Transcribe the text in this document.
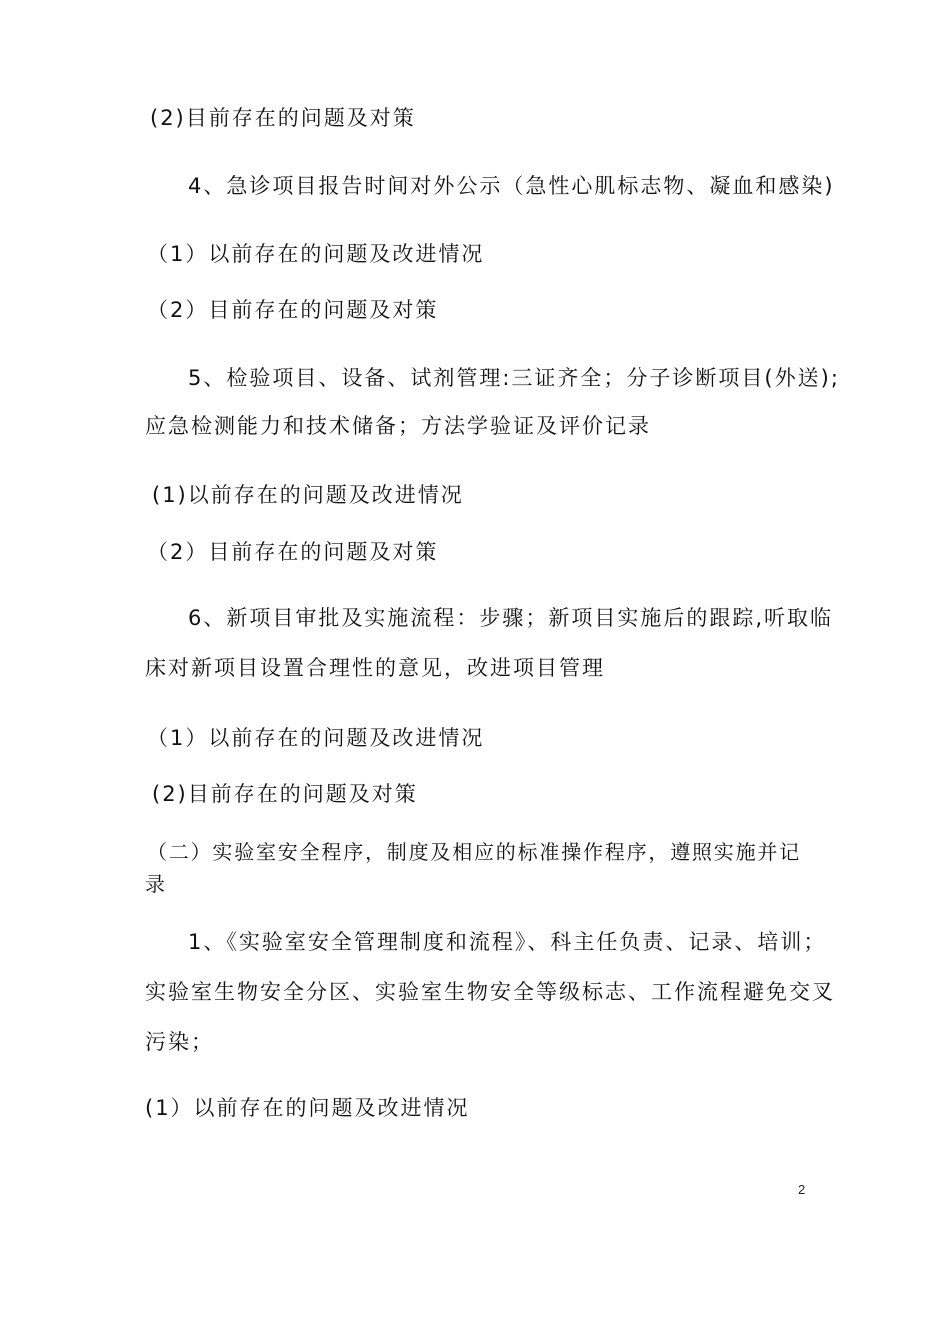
(2)目前存在的问题及对策
4、急诊项目报告时间对外公示（急性心肌标志物、凝血和感染)
（1）以前存在的问题及改进情况
（2）目前存在的问题及对策
5、检验项目、设备、试剂管理:三证齐全；分子诊断项目(外送);
应急检测能力和技术储备；方法学验证及评价记录
(1)以前存在的问题及改进情况
（2）目前存在的问题及对策
6、新项目审批及实施流程：步骤；新项目实施后的跟踪,听取临
床对新项目设置合理性的意见，改进项目管理
（1）以前存在的问题及改进情况
(2)目前存在的问题及对策
（二）实验室安全程序，制度及相应的标准操作程序，遵照实施并记
录
1、《实验室安全管理制度和流程》、科主任负责、记录、培训；
实验室生物安全分区、实验室生物安全等级标志、工作流程避免交叉
污染；
(1）以前存在的问题及改进情况
2
